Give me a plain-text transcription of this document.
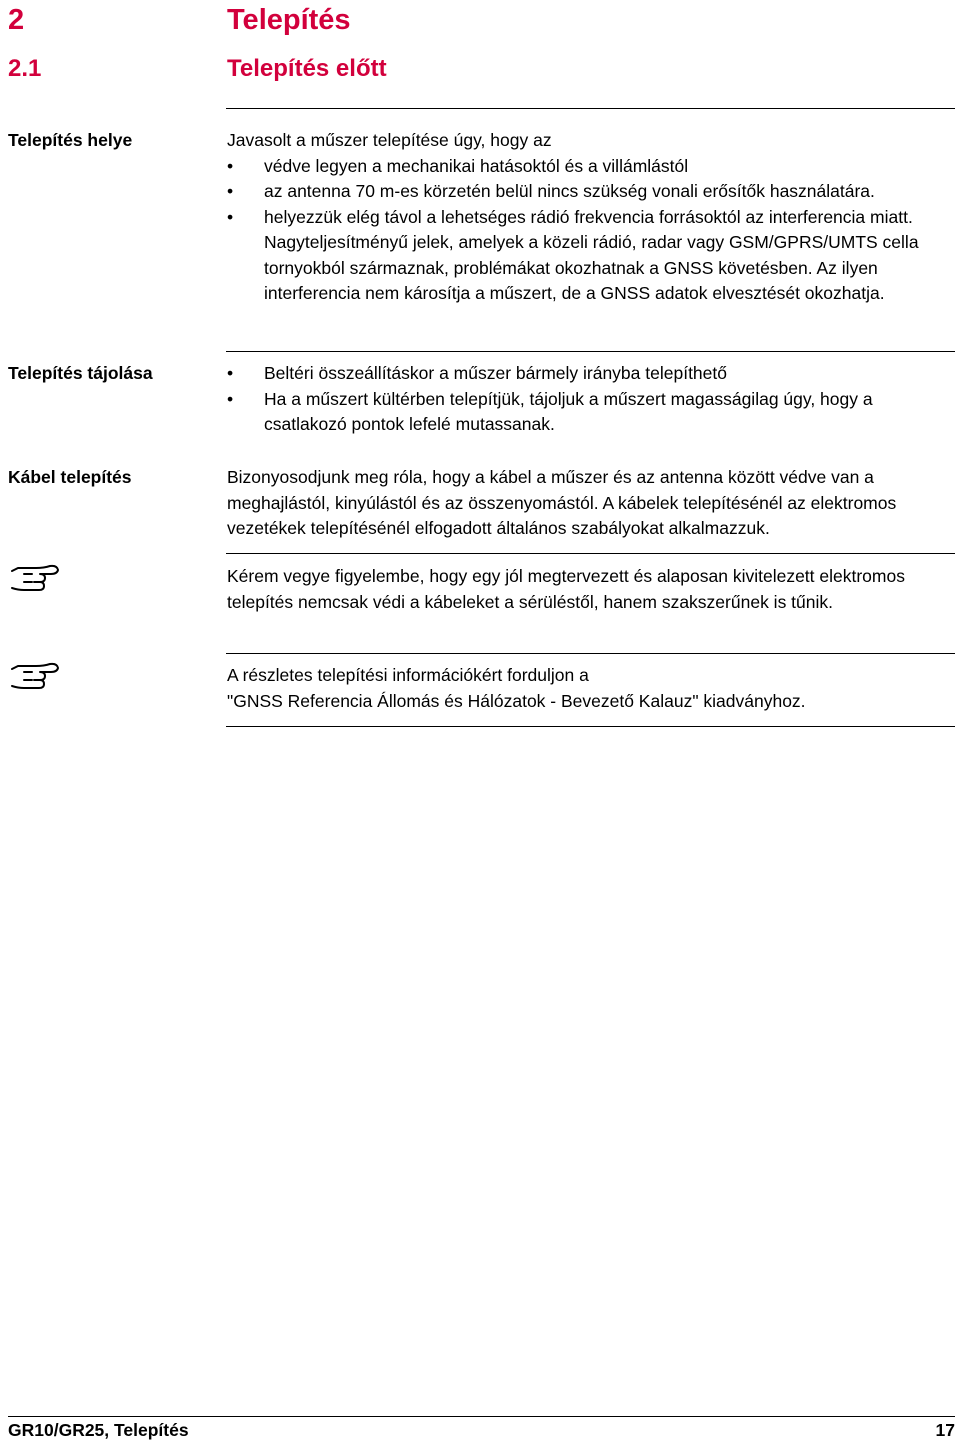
2	Telepítés
2.1	Telepítés előtt
Telepítés helye	Javasolt a műszer telepítése úgy, hogy az
• védve legyen a mechanikai hatásoktól és a villámlástól
• az antenna 70 m-es körzetén belül nincs szükség vonali erősítők használatára.
• helyezzük elég távol a lehetséges rádió frekvencia forrásoktól az interferencia miatt. Nagyteljesítményű jelek, amelyek a közeli rádió, radar vagy GSM/GPRS/UMTS cella tornyokból származnak, problémákat okozhatnak a GNSS követésben. Az ilyen interferencia nem károsítja a műszert, de a GNSS adatok elvesztését okozhatja.
Telepítés tájolása
•	Beltéri összeállításkor a műszer bármely irányba telepíthető
• Ha a műszert kültérben telepítjük, tájoljuk a műszert magasságilag úgy, hogy a csatlakozó pontok lefelé mutassanak.
Kábel telepítés	Bizonyosodjunk meg róla, hogy a kábel a műszer és az antenna között védve van a meghajlástól, kinyúlástól és az összenyomástól. A kábelek telepítésénél az elektromos vezetékek telepítésénél elfogadott általános szabályokat alkalmazzuk.
Kérem vegye figyelembe, hogy egy jól megtervezett és alaposan kivitelezett elektromos telepítés nemcsak védi a kábeleket a sérüléstől, hanem szakszerűnek is tűnik.
A részletes telepítési információkért forduljon a
"GNSS Referencia Állomás és Hálózatok - Bevezető Kalauz" kiadványhoz.
GR10/GR25, Telepítés	17
